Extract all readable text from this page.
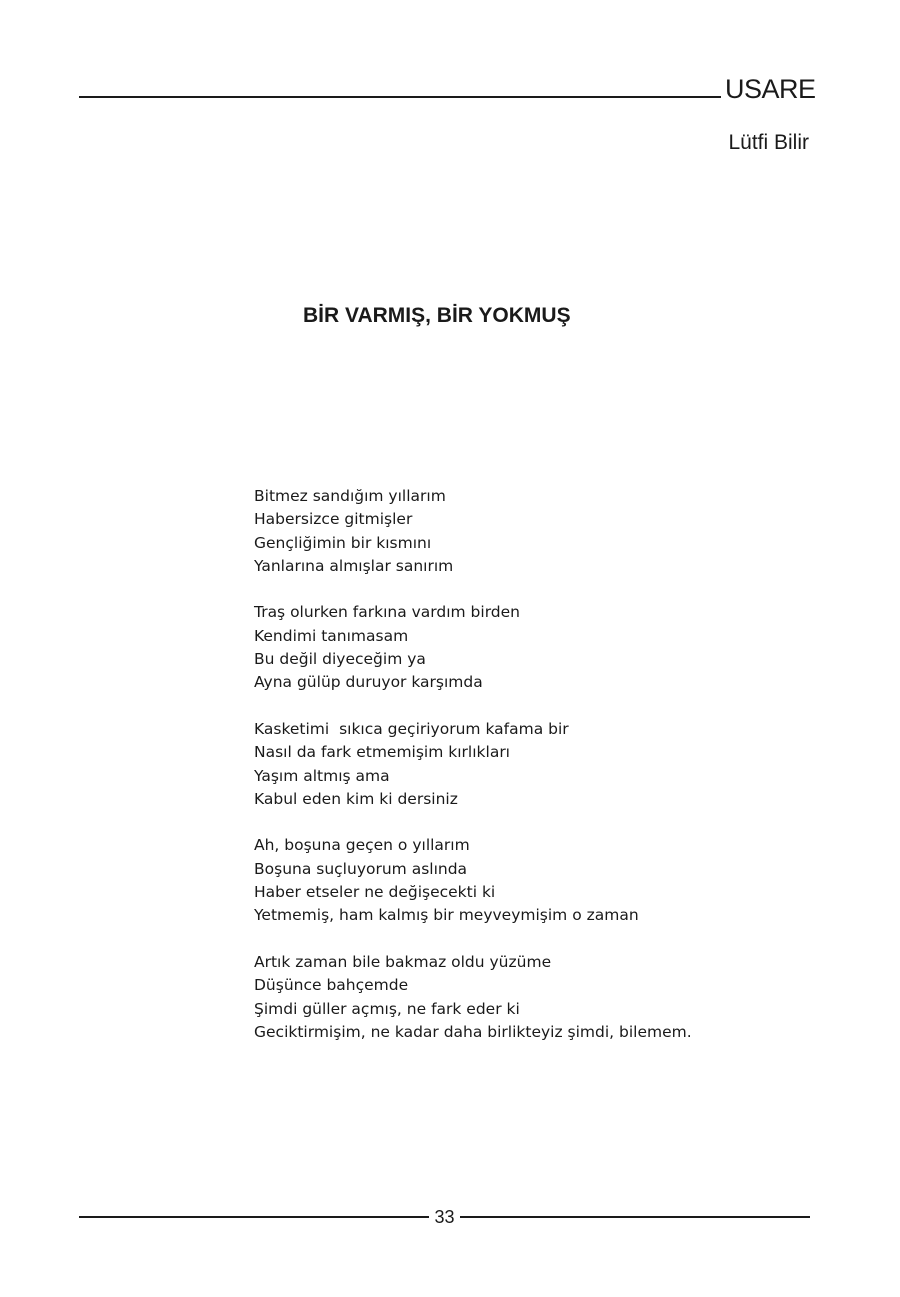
USARE
Lütfi Bilir
BİR VARMIŞ, BİR YOKMUŞ
Bitmez sandığım yıllarım
Habersizce gitmişler
Gençliğimin bir kısmını
Yanlarına almışlar sanırım
Traş olurken farkına vardım birden
Kendimi tanımasam
Bu değil diyeceğim ya
Ayna gülüp duruyor karşımda
Kasketimi  sıkıca geçiriyorum kafama bir
Nasıl da fark etmemişim kırlıkları
Yaşım altmış ama
Kabul eden kim ki dersiniz
Ah, boşuna geçen o yıllarım
Boşuna suçluyorum aslında
Haber etseler ne değişecekti ki
Yetmemiş, ham kalmış bir meyveymişim o zaman
Artık zaman bile bakmaz oldu yüzüme
Düşünce bahçemde
Şimdi güller açmış, ne fark eder ki
Geciktirmişim, ne kadar daha birlikteyiz şimdi, bilemem.
33
